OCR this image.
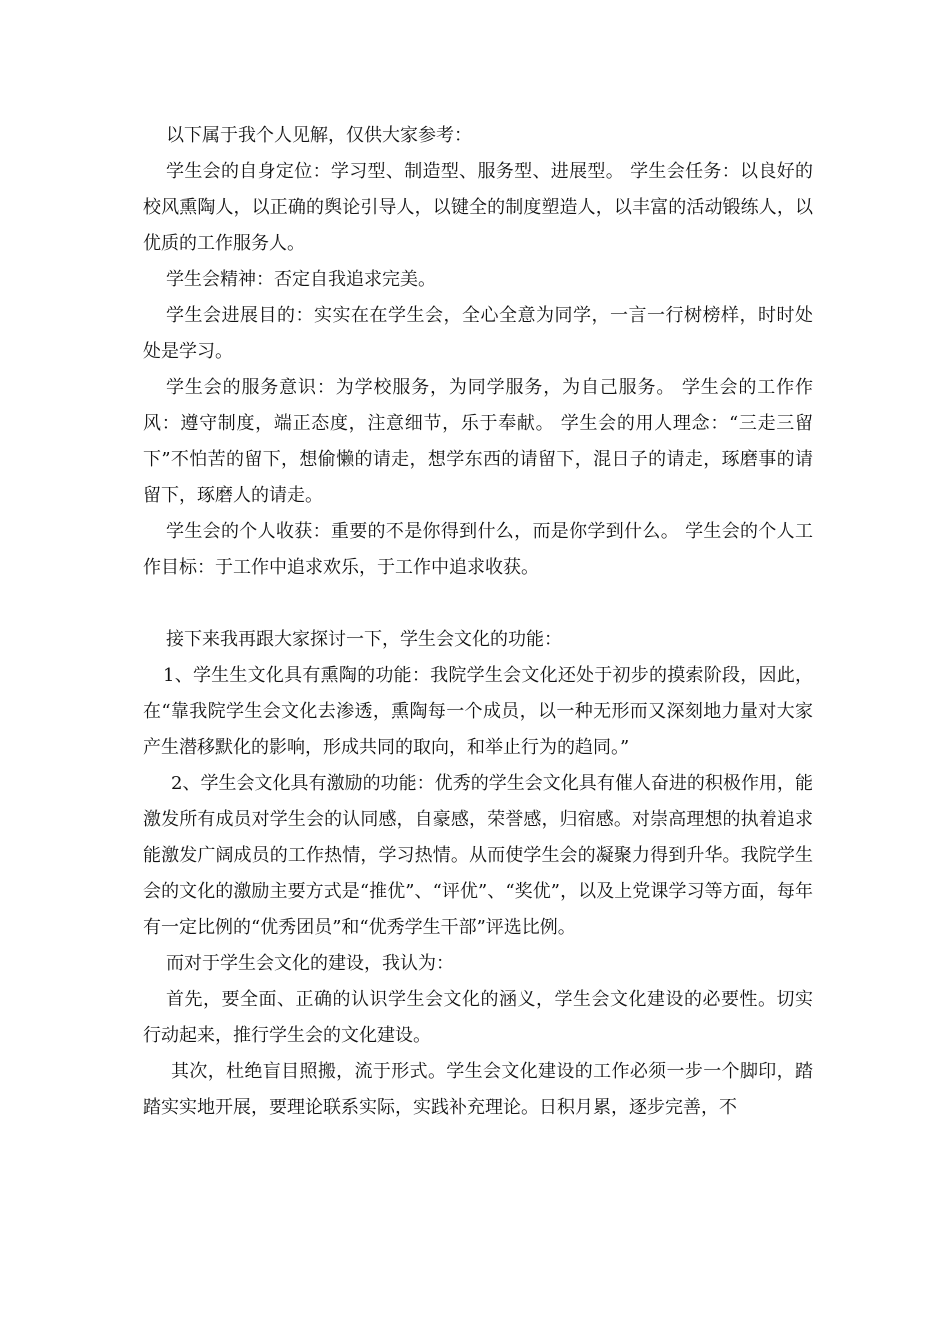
以下属于我个人见解，仅供大家参考：

学生会的自身定位：学习型、制造型、服务型、进展型。 学生会任务：以良好的校风熏陶人，以正确的舆论引导人，以键全的制度塑造人，以丰富的活动锻练人，以优质的工作服务人。

学生会精神：否定自我追求完美。

学生会进展目的：实实在在学生会，全心全意为同学，一言一行树榜样，时时处处是学习。

学生会的服务意识：为学校服务，为同学服务，为自己服务。 学生会的工作作风：遵守制度，端正态度，注意细节，乐于奉献。 学生会的用人理念：“三走三留下”不怕苦的留下，想偷懒的请走，想学东西的请留下，混日子的请走，琢磨事的请留下，琢磨人的请走。

学生会的个人收获：重要的不是你得到什么，而是你学到什么。 学生会的个人工作目标：于工作中追求欢乐，于工作中追求收获。

接下来我再跟大家探讨一下，学生会文化的功能：

1、学生生文化具有熏陶的功能：我院学生会文化还处于初步的摸索阶段，因此，在“靠我院学生会文化去渗透，熏陶每一个成员，以一种无形而又深刻地力量对大家产生潜移默化的影响，形成共同的取向，和举止行为的趋同。”

2、学生会文化具有激励的功能：优秀的学生会文化具有催人奋进的积极作用，能激发所有成员对学生会的认同感，自豪感，荣誉感，归宿感。对崇高理想的执着追求能激发广阔成员的工作热情，学习热情。从而使学生会的凝聚力得到升华。我院学生会的文化的激励主要方式是“推优”、“评优”、“奖优”，以及上党课学习等方面，每年有一定比例的“优秀团员”和“优秀学生干部”评选比例。

而对于学生会文化的建设，我认为：

首先，要全面、正确的认识学生会文化的涵义，学生会文化建设的必要性。切实行动起来，推行学生会的文化建设。

其次，杜绝盲目照搬，流于形式。学生会文化建设的工作必须一步一个脚印，踏踏实实地开展，要理论联系实际，实践补充理论。日积月累，逐步完善，不
